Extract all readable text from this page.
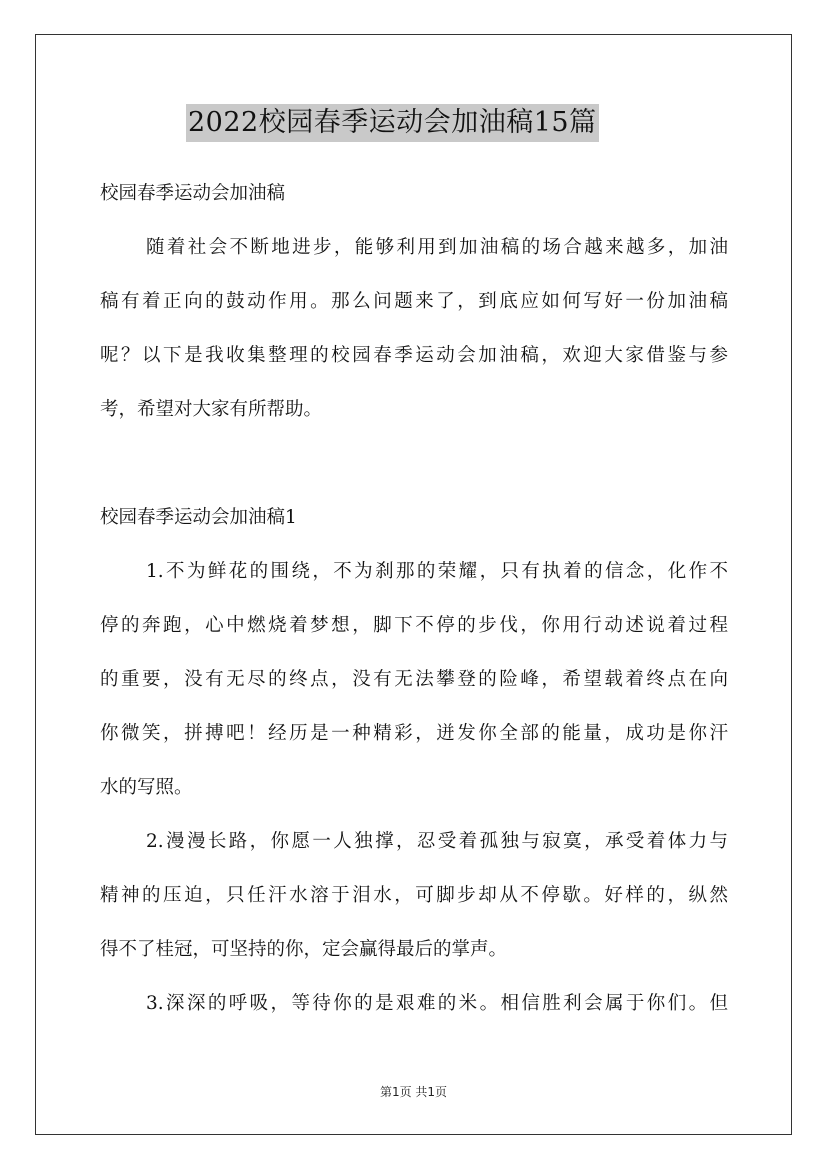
2022校园春季运动会加油稿15篇
校园春季运动会加油稿
随着社会不断地进步，能够利用到加油稿的场合越来越多，加油
稿有着正向的鼓动作用。那么问题来了，到底应如何写好一份加油稿
呢？以下是我收集整理的校园春季运动会加油稿，欢迎大家借鉴与参
考，希望对大家有所帮助。
校园春季运动会加油稿1
1.不为鲜花的围绕，不为刹那的荣耀，只有执着的信念，化作不
停的奔跑，心中燃烧着梦想，脚下不停的步伐，你用行动述说着过程
的重要，没有无尽的终点，没有无法攀登的险峰，希望载着终点在向
你微笑，拼搏吧！经历是一种精彩，迸发你全部的能量，成功是你汗
水的写照。
2.漫漫长路，你愿一人独撑，忍受着孤独与寂寞，承受着体力与
精神的压迫，只任汗水溶于泪水，可脚步却从不停歇。好样的，纵然
得不了桂冠，可坚持的你，定会赢得最后的掌声。
3.深深的呼吸，等待你的是艰难的米。相信胜利会属于你们。但
第1页 共1页
